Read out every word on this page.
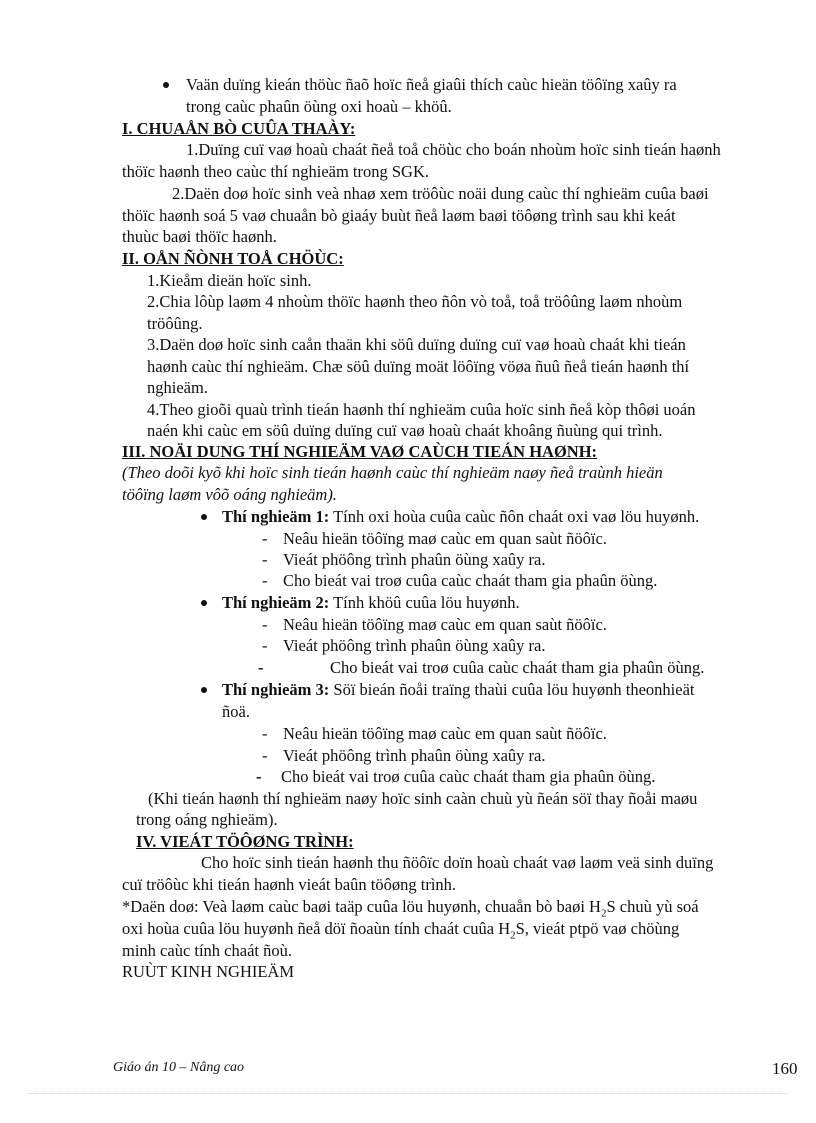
Vaän duïng kieán thöùc ñaõ hoïc ñeå giaûi thích caùc hieän töôïng xaûy ra
trong caùc phaûn öùng oxi hoaù – khöû.
I. CHUAÅN BÒ CUÛA THAÀY:
1.Duïng cuï vaø hoaù chaát ñeå toå chöùc cho boán nhoùm hoïc sinh tieán haønh
thöïc haønh theo caùc thí nghieäm trong SGK.
2.Daën doø hoïc sinh veà nhaø xem tröôùc noäi dung caùc thí nghieäm cuûa baøi
thöïc haønh soá 5 vaø chuaån bò giaáy buùt ñeå laøm baøi töôøng trình sau khi keát
thuùc baøi thöïc haønh.
II. OÅN ÑÒNH TOÅ CHÖÙC:
1.Kieåm dieän hoïc sinh.
2.Chia lôùp laøm 4 nhoùm thöïc haønh theo ñôn vò toå, toå tröôûng laøm nhoùm
tröôûng.
3.Daën doø hoïc sinh caån thaän khi söû duïng duïng cuï vaø hoaù chaát khi tieán
haønh caùc thí nghieäm. Chæ söû duïng moät löôïng vöøa ñuû ñeå tieán haønh thí
nghieäm.
4.Theo gioõi quaù trình tieán haønh thí nghieäm cuûa hoïc sinh ñeå kòp thôøi uoán
naén khi caùc em söû duïng duïng cuï vaø hoaù chaát khoâng ñuùng qui trình.
III. NOÄI DUNG THÍ NGHIEÄM VAØ CAÙCH TIEÁN HAØNH:
(Theo doõi kyõ khi hoïc sinh tieán haønh caùc thí nghieäm naøy ñeå traùnh hieän
töôïng laøm vôõ oáng nghieäm).
Thí nghieäm 1: Tính oxi hoùa cuûa caùc ñôn chaát oxi vaø löu huyønh.
- Neâu hieän töôïng maø caùc em quan saùt ñöôïc.
- Vieát phöông trình phaûn öùng xaûy ra.
- Cho bieát vai troø cuûa caùc chaát tham gia phaûn öùng.
Thí nghieäm 2: Tính khöû cuûa löu huyønh.
- Neâu hieän töôïng maø caùc em quan saùt ñöôïc.
- Vieát phöông trình phaûn öùng xaûy ra.
-	Cho bieát vai troø cuûa caùc chaát tham gia phaûn öùng.
Thí nghieäm 3: Söï bieán ñoåi traïng thaùi cuûa löu huyønh theonhieät
ñoä.
- Neâu hieän töôïng maø caùc em quan saùt ñöôïc.
- Vieát phöông trình phaûn öùng xaûy ra.
- Cho bieát vai troø cuûa caùc chaát tham gia phaûn öùng.
(Khi tieán haønh thí nghieäm naøy hoïc sinh caàn chuù yù ñeán söï thay ñoåi maøu
trong oáng nghieäm).
IV. VIEÁT TÖÔØNG TRÌNH:
Cho hoïc sinh tieán haønh thu ñöôïc doïn hoaù chaát vaø laøm veä sinh duïng
cuï tröôùc khi tieán haønh vieát baûn töôøng trình.
*Daën doø: Veà laøm caùc baøi taäp cuûa löu huyønh, chuaån bò baøi $H_2S$ chuù yù soá
oxi hoùa cuûa löu huyønh ñeå döï ñoaùn tính chaát cuûa $H_2S$, vieát ptpö vaø chöùng
minh caùc tính chaát ñoù.
RUÙT KINH NGHIEÄM
Giáo án 10 – Nâng cao	160
